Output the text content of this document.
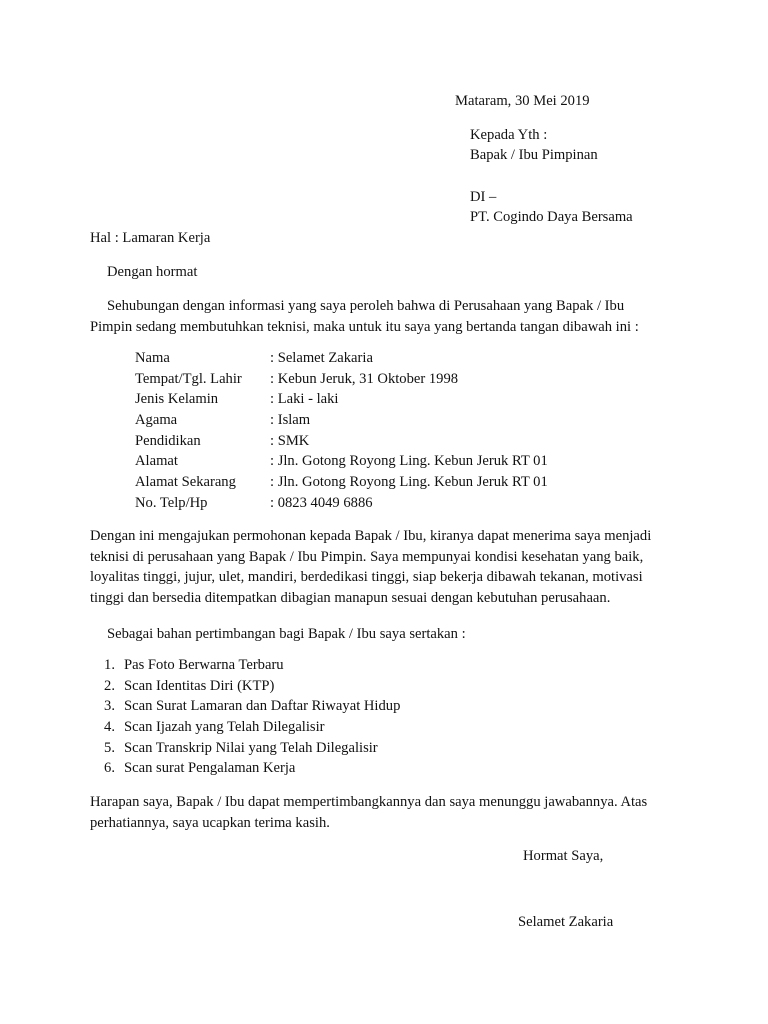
Mataram, 30 Mei 2019
Kepada Yth :
Bapak / Ibu Pimpinan
DI –
PT. Cogindo Daya Bersama
Hal : Lamaran Kerja
Dengan hormat
Sehubungan dengan informasi yang saya peroleh bahwa di Perusahaan yang Bapak / Ibu
Pimpin sedang membutuhkan teknisi, maka untuk itu saya yang bertanda tangan dibawah ini :
Nama	: Selamet Zakaria
Tempat/Tgl. Lahir : Kebun Jeruk, 31 Oktober 1998
Jenis Kelamin	: Laki - laki
Agama	: Islam
Pendidikan	: SMK
Alamat	: Jln. Gotong Royong Ling. Kebun Jeruk RT 01
Alamat Sekarang : Jln. Gotong Royong Ling. Kebun Jeruk RT 01
No. Telp/Hp	: 0823 4049 6886
Dengan ini mengajukan permohonan kepada Bapak / Ibu, kiranya dapat menerima saya menjadi
teknisi di perusahaan yang Bapak / Ibu Pimpin. Saya mempunyai kondisi kesehatan yang baik,
loyalitas tinggi, jujur, ulet, mandiri, berdedikasi tinggi, siap bekerja dibawah tekanan, motivasi
tinggi dan bersedia ditempatkan dibagian manapun sesuai dengan kebutuhan perusahaan.
Sebagai bahan pertimbangan bagi Bapak / Ibu saya sertakan :
1. Pas Foto Berwarna Terbaru
2. Scan Identitas Diri (KTP)
3. Scan Surat Lamaran dan Daftar Riwayat Hidup
4. Scan Ijazah yang Telah Dilegalisir
5. Scan Transkrip Nilai yang Telah Dilegalisir
6. Scan surat Pengalaman Kerja
Harapan saya, Bapak / Ibu dapat mempertimbangkannya dan saya menunggu jawabannya. Atas
perhatiannya, saya ucapkan terima kasih.
Hormat Saya,
Selamet Zakaria
